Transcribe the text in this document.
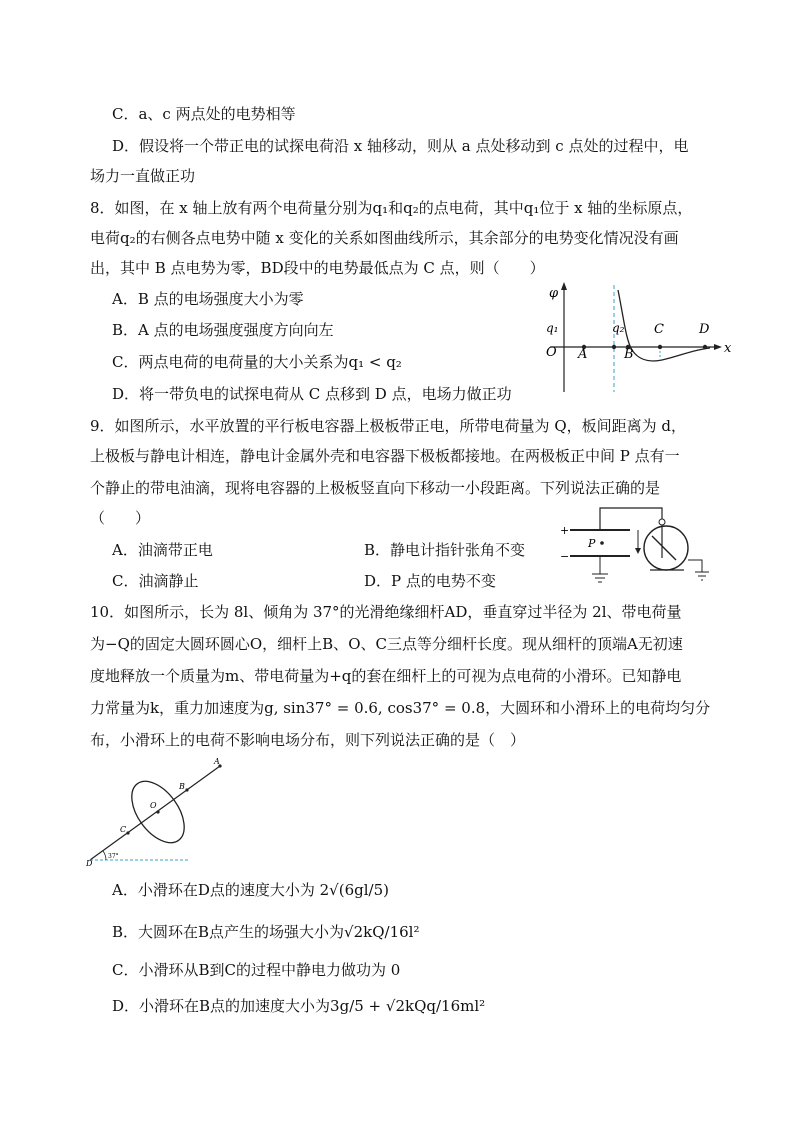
C．a、c 两点处的电势相等
D．假设将一个带正电的试探电荷沿 x 轴移动，则从 a 点处移动到 c 点处的过程中，电
场力一直做正功
8．如图，在 x 轴上放有两个电荷量分别为q₁和q₂的点电荷，其中q₁位于 x 轴的坐标原点，
电荷q₂的右侧各点电势中随 x 变化的关系如图曲线所示，其余部分的电势变化情况没有画
出，其中 B 点电势为零，BD段中的电势最低点为 C 点，则（　　）
A．B 点的电场强度大小为零
B．A 点的电场强度强度方向向左
C．两点电荷的电荷量的大小关系为q₁ < q₂
D．将一带负电的试探电荷从 C 点移到 D 点，电场力做正功
φ
q₁
O A
q₂
B
C	D
x
9．如图所示，水平放置的平行板电容器上极板带正电，所带电荷量为 Q，板间距离为 d，
上极板与静电计相连，静电计金属外壳和电容器下极板都接地。在两极板正中间 P 点有一
个静止的带电油滴，现将电容器的上极板竖直向下移动一小段距离。下列说法正确的是
（　　）
A．油滴带正电	B．静电计指针张角不变
C．油滴静止	D．P 点的电势不变
+
−
P
10．如图所示，长为 8l、倾角为 37°的光滑绝缘细杆AD，垂直穿过半径为 2l、带电荷量
为−Q的固定大圆环圆心O，细杆上B、O、C三点等分细杆长度。现从细杆的顶端A无初速
度地释放一个质量为m、带电荷量为+q的套在细杆上的可视为点电荷的小滑环。已知静电
力常量为k，重力加速度为g, sin37° = 0.6, cos37° = 0.8，大圆环和小滑环上的电荷均匀分
布，小滑环上的电荷不影响电场分布，则下列说法正确的是（　）
A
B
O
C
D
37°
A．小滑环在D点的速度大小为 2√(6gl/5)
B．大圆环在B点产生的场强大小为√2kQ/16l²
C．小滑环从B到C的过程中静电力做功为 0
D．小滑环在B点的加速度大小为3g/5 + √2kQq/16ml²
